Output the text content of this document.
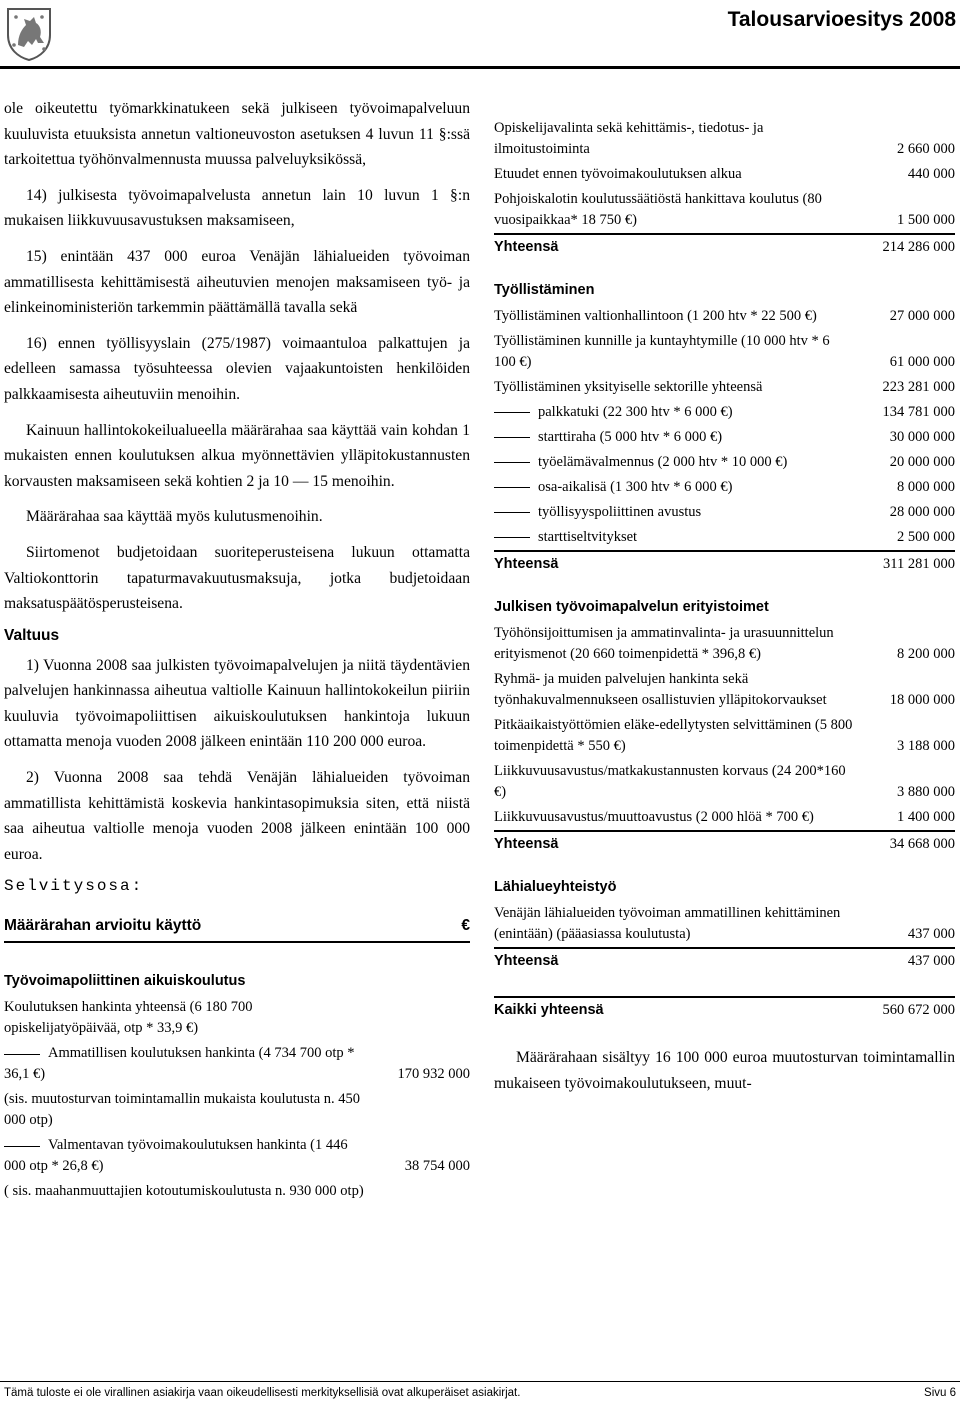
Talousarvioesitys 2008

ole oikeutettu työmarkkinatukeen sekä julkiseen työvoimapalveluun kuuluvista etuuksista annetun valtioneuvoston asetuksen 4 luvun 11 §:ssä tarkoitettua työhönvalmennusta muussa palveluyksikössä,

14) julkisesta työvoimapalvelusta annetun lain 10 luvun 1 §:n mukaisen liikkuvuusavustuksen maksamiseen,

15) enintään 437 000 euroa Venäjän lähialueiden työvoiman ammatillisesta kehittämisestä aiheutuvien menojen maksamiseen työ- ja elinkeinoministeriön tarkemmin päättämällä tavalla sekä

16) ennen työllisyyslain (275/1987) voimaantuloa palkattujen ja edelleen samassa työsuhteessa olevien vajaakuntoisten henkilöiden palkkaamisesta aiheutuviin menoihin.

Kainuun hallintokokeilualueella määrärahaa saa käyttää vain kohdan 1 mukaisten ennen koulutuksen alkua myönnettävien ylläpitokustannusten korvausten maksamiseen sekä kohtien 2 ja 10 — 15 menoihin.

Määrärahaa saa käyttää myös kulutusmenoihin.

Siirtomenot budjetoidaan suoriteperusteisena lukuun ottamatta Valtiokonttorin tapaturmavakuutusmaksuja, jotka budjetoidaan maksatuspäätösperusteisena.

Valtuus

1) Vuonna 2008 saa julkisten työvoimapalvelujen ja niitä täydentävien palvelujen hankinnassa aiheutua valtiolle Kainuun hallintokokeilun piiriin kuuluvia työvoimapoliittisen aikuiskoulutuksen hankintoja lukuun ottamatta menoja vuoden 2008 jälkeen enintään 110 200 000 euroa.

2) Vuonna 2008 saa tehdä Venäjän lähialueiden työvoiman ammatillista kehittämistä koskevia hankintasopimuksia siten, että niistä saa aiheutua valtiolle menoja vuoden 2008 jälkeen enintään 100 000 euroa.

Selvitysosa:

Määrärahan arvioitu käyttö	€

Työvoimapoliittinen aikuiskoulutus

Koulutuksen hankinta yhteensä (6 180 700 opiskelijatyöpäivää, otp * 33,9 €)
Ammatillisen koulutuksen hankinta (4 734 700 otp * 36,1 €)	170 932 000
(sis. muutosturvan toimintamallin mukaista koulutusta n. 450 000 otp)
Valmentavan työvoimakoulutuksen hankinta (1 446 000 otp * 26,8 €)	38 754 000
( sis. maahanmuuttajien kotoutumiskoulutusta n. 930 000 otp)
Opiskelijavalinta sekä kehittämis-, tiedotus- ja ilmoitustoiminta	2 660 000
Etuudet ennen työvoimakoulutuksen alkua	440 000
Pohjoiskalotin koulutussäätiöstä hankittava koulutus (80 vuosipaikkaa* 18 750 €)	1 500 000
Yhteensä	214 286 000

Työllistäminen

Työllistäminen valtionhallintoon (1 200 htv * 22 500 €)	27 000 000
Työllistäminen kunnille ja kuntayhtymille (10 000 htv * 6 100 €)	61 000 000
Työllistäminen yksityiselle sektorille yhteensä	223 281 000
palkkatuki (22 300 htv * 6 000 €)	134 781 000
starttiraha (5 000 htv * 6 000 €)	30 000 000
työelämävalmennus (2 000 htv * 10 000 €)	20 000 000
osa-aikalisä (1 300 htv * 6 000 €)	8 000 000
työllisyyspoliittinen avustus	28 000 000
starttiseltvitykset	2 500 000
Yhteensä	311 281 000

Julkisen työvoimapalvelun erityistoimet

Työhönsijoittumisen ja ammatinvalinta- ja urasuunnittelun erityismenot (20 660 toimenpidettä * 396,8 €)	8 200 000
Ryhmä- ja muiden palvelujen hankinta sekä työnhakuvalmennukseen osallistuvien ylläpitokorvaukset	18 000 000
Pitkäaikaistyöttömien eläke-edellytysten selvittäminen (5 800 toimenpidettä * 550 €)	3 188 000
Liikkuvuusavustus/matkakustannusten korvaus (24 200*160 €)	3 880 000
Liikkuvuusavustus/muuttoavustus (2 000 hlöä * 700 €)	1 400 000
Yhteensä	34 668 000

Lähialueyhteistyö

Venäjän lähialueiden työvoiman ammatillinen kehittäminen (enintään) (pääasiassa koulutusta)	437 000
Yhteensä	437 000
Kaikki yhteensä	560 672 000

Määrärahaan sisältyy 16 100 000 euroa muutosturvan toimintamallin mukaiseen työvoimakoulutukseen, muut-

Tämä tuloste ei ole virallinen asiakirja vaan oikeudellisesti merkityksellisiä ovat alkuperäiset asiakirjat.	Sivu 6
